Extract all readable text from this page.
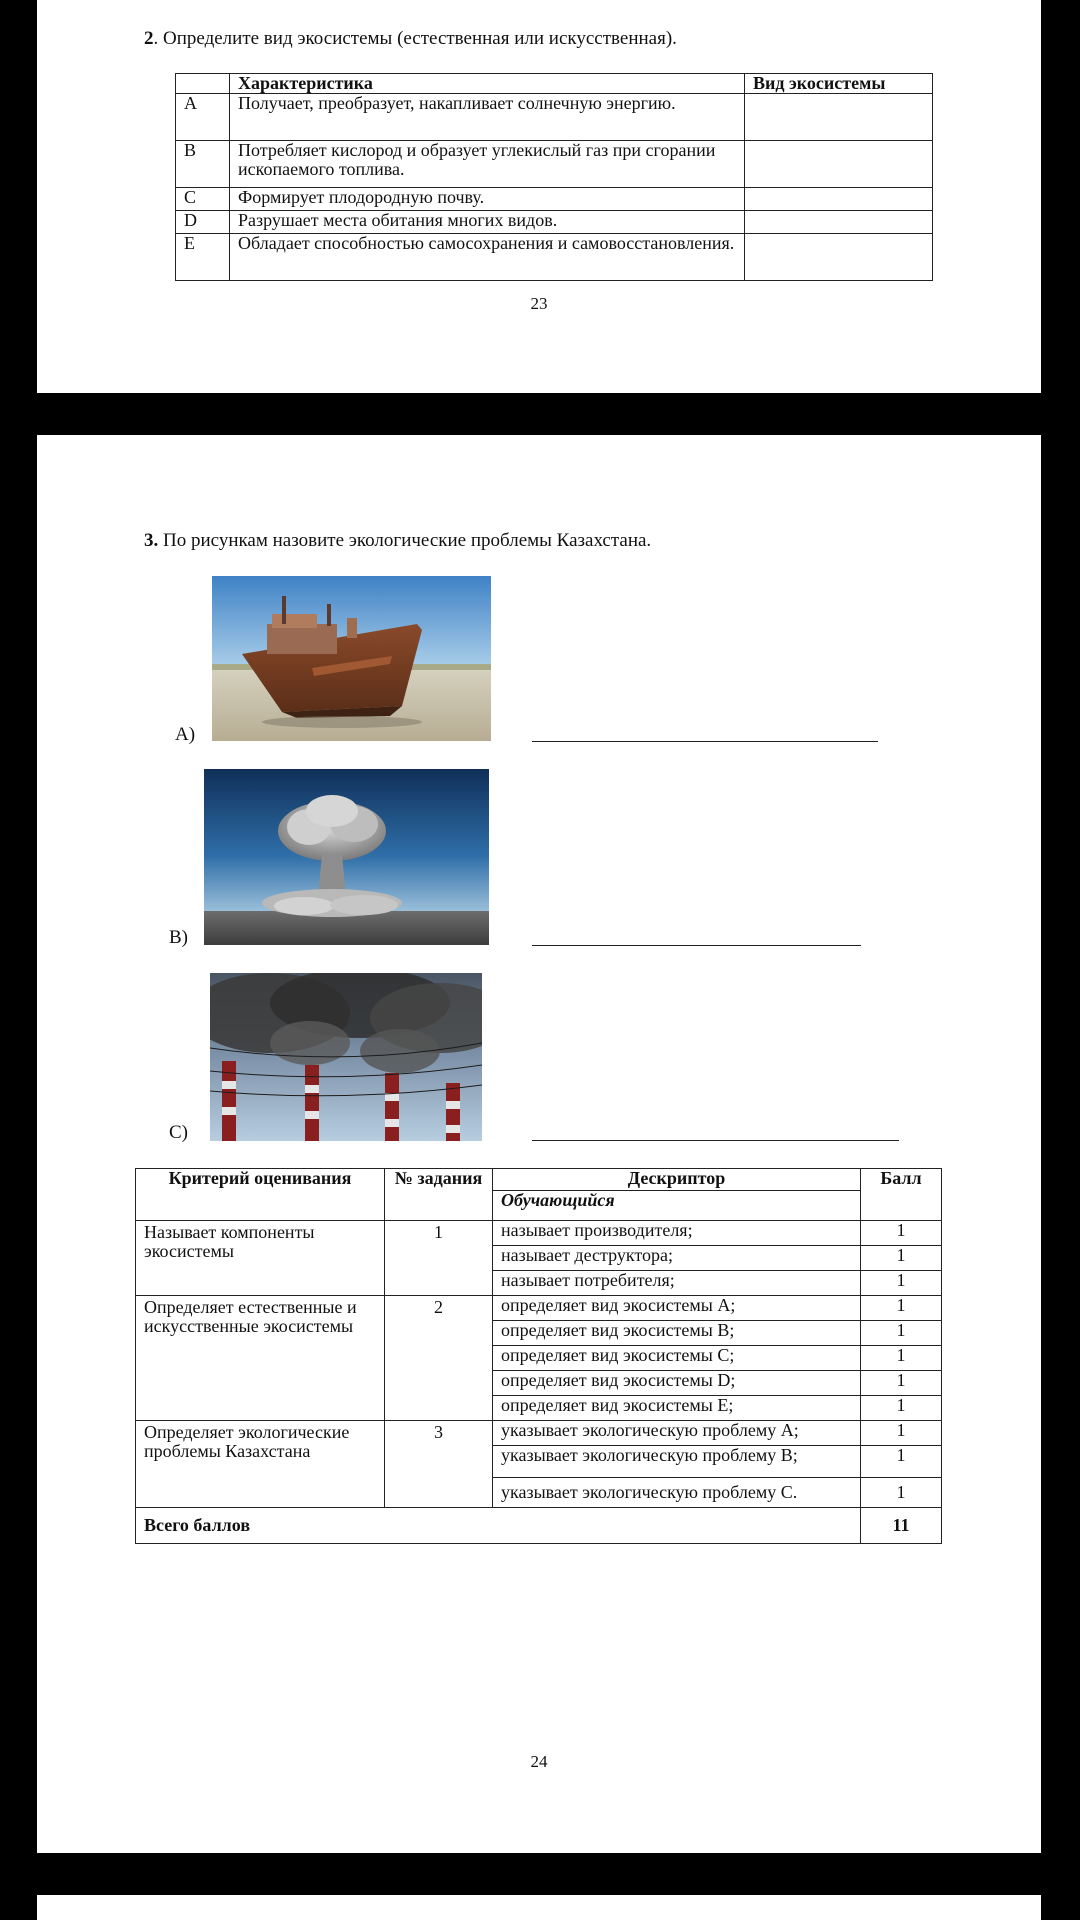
2. Определите вид экосистемы (естественная или искусственная).
	Характеристика	Вид экосистемы
A	Получает, преобразует, накапливает солнечную энергию.	
B	Потребляет кислород и образует углекислый газ при сгорании ископаемого топлива.	
C	Формирует плодородную почву.	
D	Разрушает места обитания многих видов.	
E	Обладает способностью самосохранения и самовосстановления.	
23
3. По рисункам назовите экологические проблемы Казахстана.
A)
B)
C)
Критерий оценивания	№ задания	Дескриптор	Балл
		Обучающийся	
Называет компоненты экосистемы	1	называет производителя;	1
		называет деструктора;	1
		называет потребителя;	1
Определяет естественные и искусственные экосистемы	2	определяет вид экосистемы А;	1
		определяет вид экосистемы В;	1
		определяет вид экосистемы С;	1
		определяет вид экосистемы D;	1
		определяет вид экосистемы Е;	1
Определяет экологические проблемы Казахстана	3	указывает экологическую проблему А;	1
		указывает экологическую проблему В;	1
		указывает экологическую проблему С.	1
Всего баллов			11
24
